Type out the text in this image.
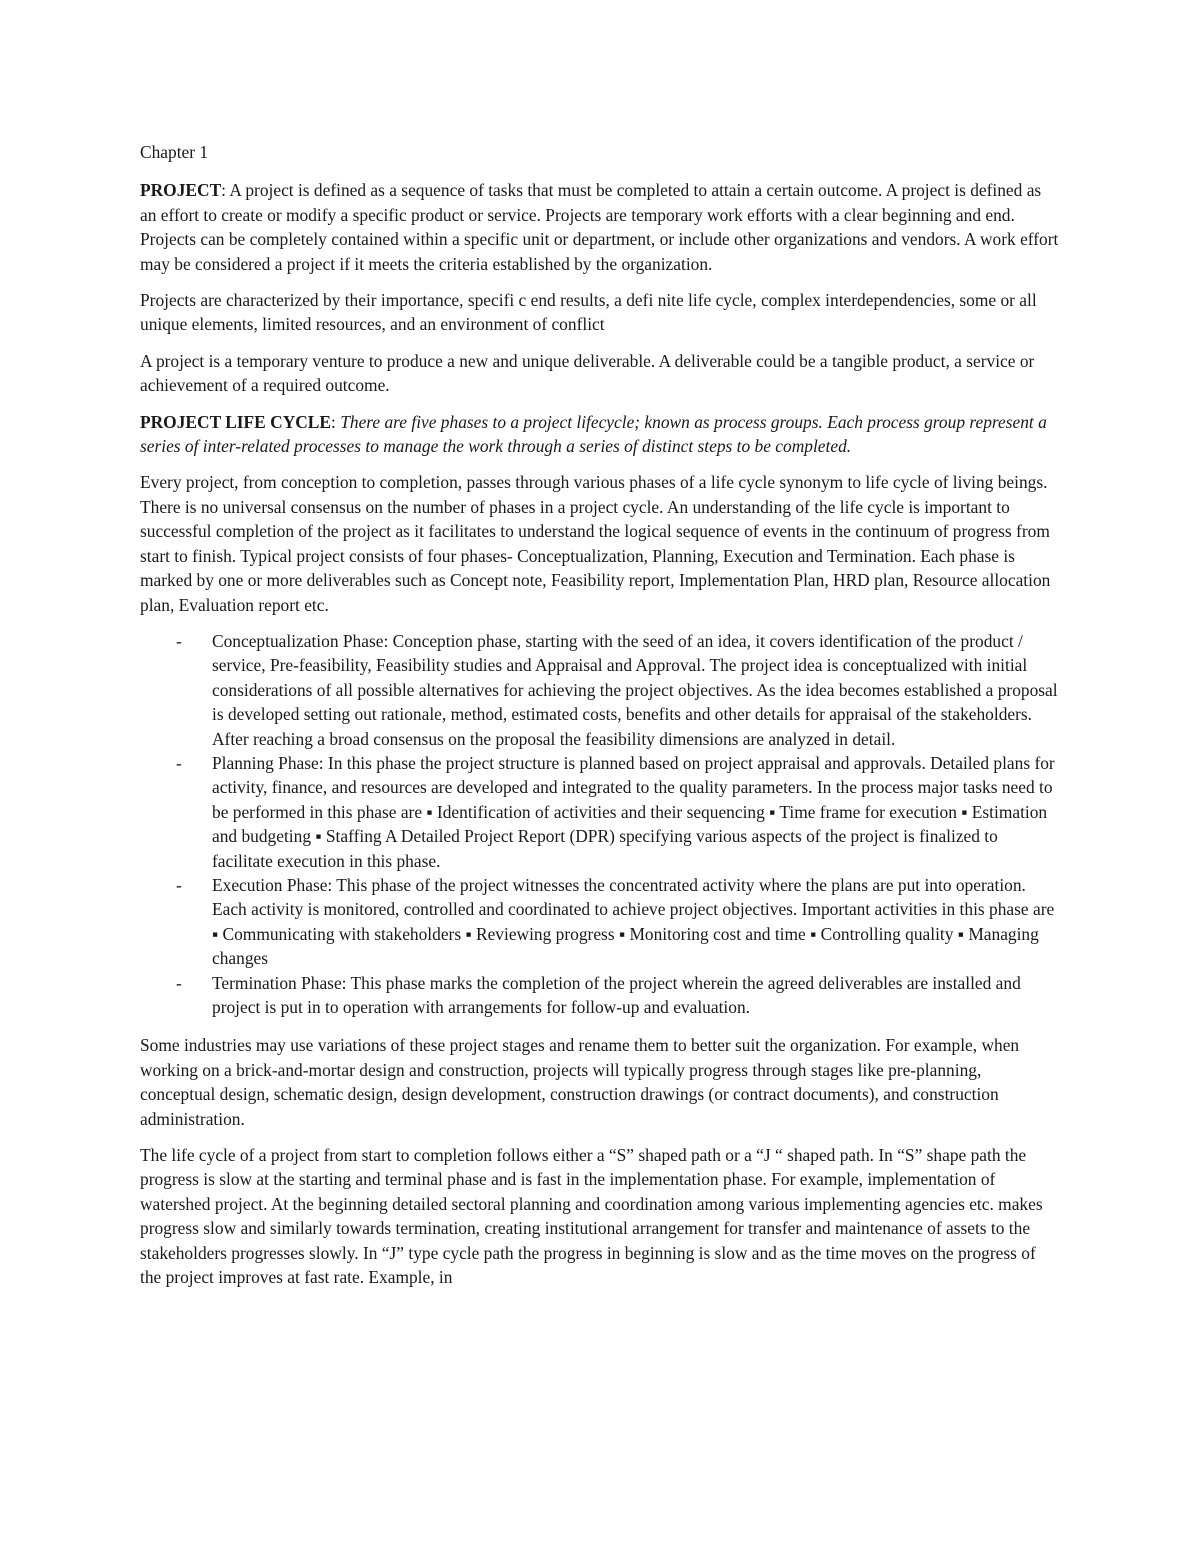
Chapter 1

PROJECT: A project is defined as a sequence of tasks that must be completed to attain a certain outcome. A project is defined as an effort to create or modify a specific product or service. Projects are temporary work efforts with a clear beginning and end. Projects can be completely contained within a specific unit or department, or include other organizations and vendors. A work effort may be considered a project if it meets the criteria established by the organization.

Projects are characterized by their importance, specifi c end results, a defi nite life cycle, complex interdependencies, some or all unique elements, limited resources, and an environment of conflict

A project is a temporary venture to produce a new and unique deliverable. A deliverable could be a tangible product, a service or achievement of a required outcome.

PROJECT LIFE CYCLE: There are five phases to a project lifecycle; known as process groups. Each process group represent a series of inter-related processes to manage the work through a series of distinct steps to be completed.

Every project, from conception to completion, passes through various phases of a life cycle synonym to life cycle of living beings. There is no universal consensus on the number of phases in a project cycle. An understanding of the life cycle is important to successful completion of the project as it facilitates to understand the logical sequence of events in the continuum of progress from start to finish. Typical project consists of four phases- Conceptualization, Planning, Execution and Termination. Each phase is marked by one or more deliverables such as Concept note, Feasibility report, Implementation Plan, HRD plan, Resource allocation plan, Evaluation report etc.

- Conceptualization Phase: Conception phase, starting with the seed of an idea, it covers identification of the product / service, Pre-feasibility, Feasibility studies and Appraisal and Approval. The project idea is conceptualized with initial considerations of all possible alternatives for achieving the project objectives. As the idea becomes established a proposal is developed setting out rationale, method, estimated costs, benefits and other details for appraisal of the stakeholders. After reaching a broad consensus on the proposal the feasibility dimensions are analyzed in detail.
- Planning Phase: In this phase the project structure is planned based on project appraisal and approvals. Detailed plans for activity, finance, and resources are developed and integrated to the quality parameters. In the process major tasks need to be performed in this phase are ▪ Identification of activities and their sequencing ▪ Time frame for execution ▪ Estimation and budgeting ▪ Staffing A Detailed Project Report (DPR) specifying various aspects of the project is finalized to facilitate execution in this phase.
- Execution Phase: This phase of the project witnesses the concentrated activity where the plans are put into operation. Each activity is monitored, controlled and coordinated to achieve project objectives. Important activities in this phase are ▪ Communicating with stakeholders ▪ Reviewing progress ▪ Monitoring cost and time ▪ Controlling quality ▪ Managing changes
- Termination Phase: This phase marks the completion of the project wherein the agreed deliverables are installed and project is put in to operation with arrangements for follow-up and evaluation.

Some industries may use variations of these project stages and rename them to better suit the organization. For example, when working on a brick-and-mortar design and construction, projects will typically progress through stages like pre-planning, conceptual design, schematic design, design development, construction drawings (or contract documents), and construction administration.

The life cycle of a project from start to completion follows either a “S” shaped path or a “J “ shaped path. In “S” shape path the progress is slow at the starting and terminal phase and is fast in the implementation phase. For example, implementation of watershed project. At the beginning detailed sectoral planning and coordination among various implementing agencies etc. makes progress slow and similarly towards termination, creating institutional arrangement for transfer and maintenance of assets to the stakeholders progresses slowly. In “J” type cycle path the progress in beginning is slow and as the time moves on the progress of the project improves at fast rate. Example, in
